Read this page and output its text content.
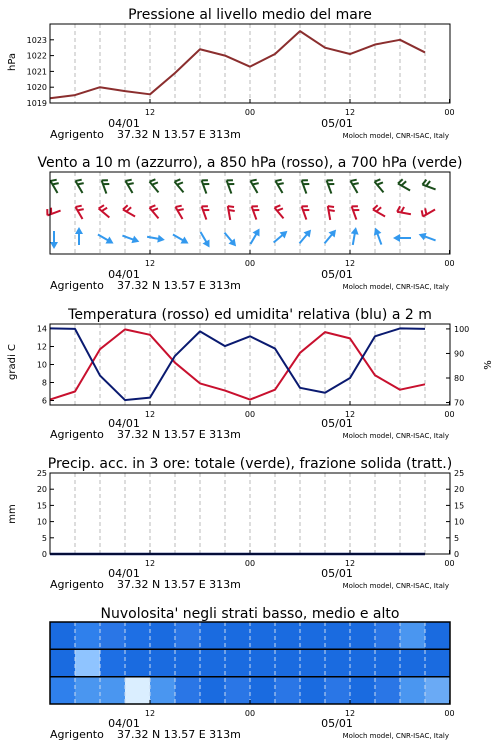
Pressione al livello medio del mare
hPa
1019
1020
1021
1022
1023
12	00	12	00
04/01	05/01
Agrigento 37.32 N 13.57 E 313m	Moloch model, CNR-ISAC, Italy
Vento a 10 m (azzurro), a 850 hPa (rosso), a 700 hPa (verde)
12	00	12	00
04/01	05/01
Agrigento 37.32 N 13.57 E 313m	Moloch model, CNR-ISAC, Italy
Temperatura (rosso) ed umidita' relativa (blu) a 2 m
gradi C	%
6
8
10
12
14
70
80
90
100
12	00	12	00
04/01	05/01
Agrigento 37.32 N 13.57 E 313m	Moloch model, CNR-ISAC, Italy
Precip. acc. in 3 ore: totale (verde), frazione solida (tratt.)
mm
0
5
10
15
20
25
0
5
10
15
20
25
12	00	12	00
04/01	05/01
Agrigento 37.32 N 13.57 E 313m	Moloch model, CNR-ISAC, Italy
Nuvolosita' negli strati basso, medio e alto
12	00	12	00
04/01	05/01
Agrigento 37.32 N 13.57 E 313m	Moloch model, CNR-ISAC, Italy
